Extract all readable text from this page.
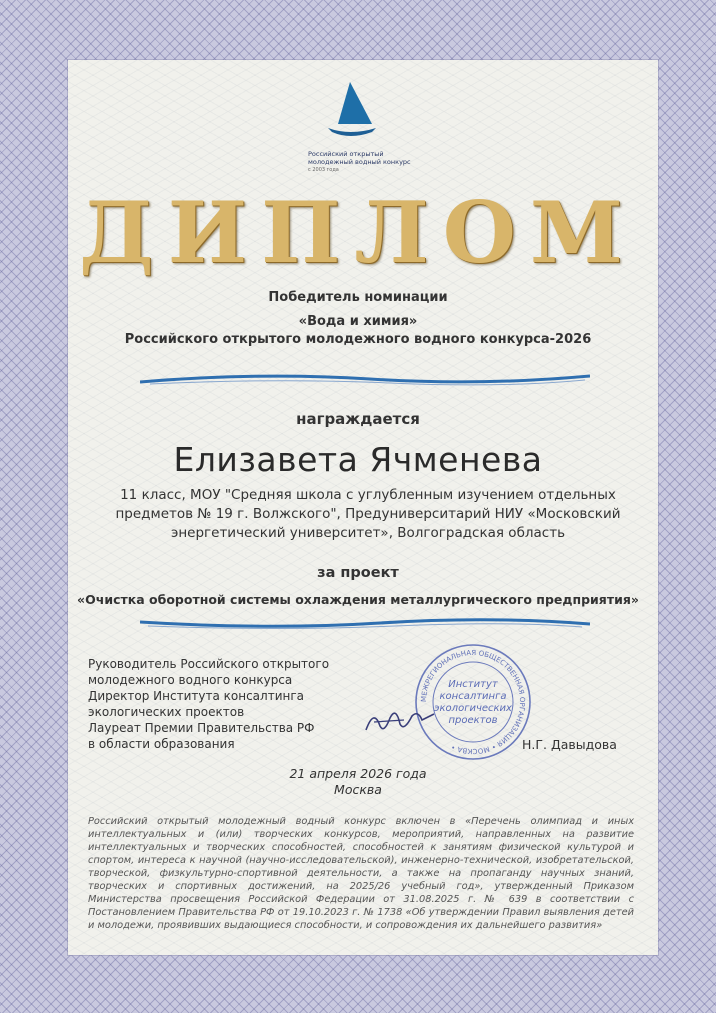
Российский открытый
молодежный водный конкурс
с 2003 года
ДИПЛОМ
Победитель номинации
«Вода и химия»
Российского открытого молодежного водного конкурса-2026
награждается
Елизавета Ячменева
11 класс, МОУ "Средняя школа с углубленным изучением отдельных предметов № 19 г. Волжского", Предуниверситарий НИУ «Московский энергетический университет», Волгоградская область
за проект
«Очистка оборотной системы охлаждения металлургического предприятия»
Руководитель Российского открытого
молодежного водного конкурса
Директор Института консалтинга
экологических проектов
Лауреат Премии Правительства РФ
в области образования
МЕЖРЕГИОНАЛЬНАЯ ОБЩЕСТВЕННАЯ ОРГАНИЗАЦИЯ • МОСКВА •
Институт
консалтинга
экологических
проектов
Н.Г. Давыдова
21 апреля 2026 года
Москва
Российский открытый молодежный водный конкурс включен в «Перечень олимпиад и иных интеллектуальных и (или) творческих конкурсов, мероприятий, направленных на развитие интеллектуальных и творческих способностей, способностей к занятиям физической культурой и спортом, интереса к научной (научно-исследовательской), инженерно-технической, изобретательской, творческой, физкультурно-спортивной деятельности, а также на пропаганду научных знаний, творческих и спортивных достижений, на 2025/26 учебный год», утвержденный Приказом Министерства просвещения Российской Федерации от 31.08.2025 г. № 639 в соответствии с Постановлением Правительства РФ от 19.10.2023 г. № 1738 «Об утверждении Правил выявления детей и молодежи, проявивших выдающиеся способности, и сопровождения их дальнейшего развития»
